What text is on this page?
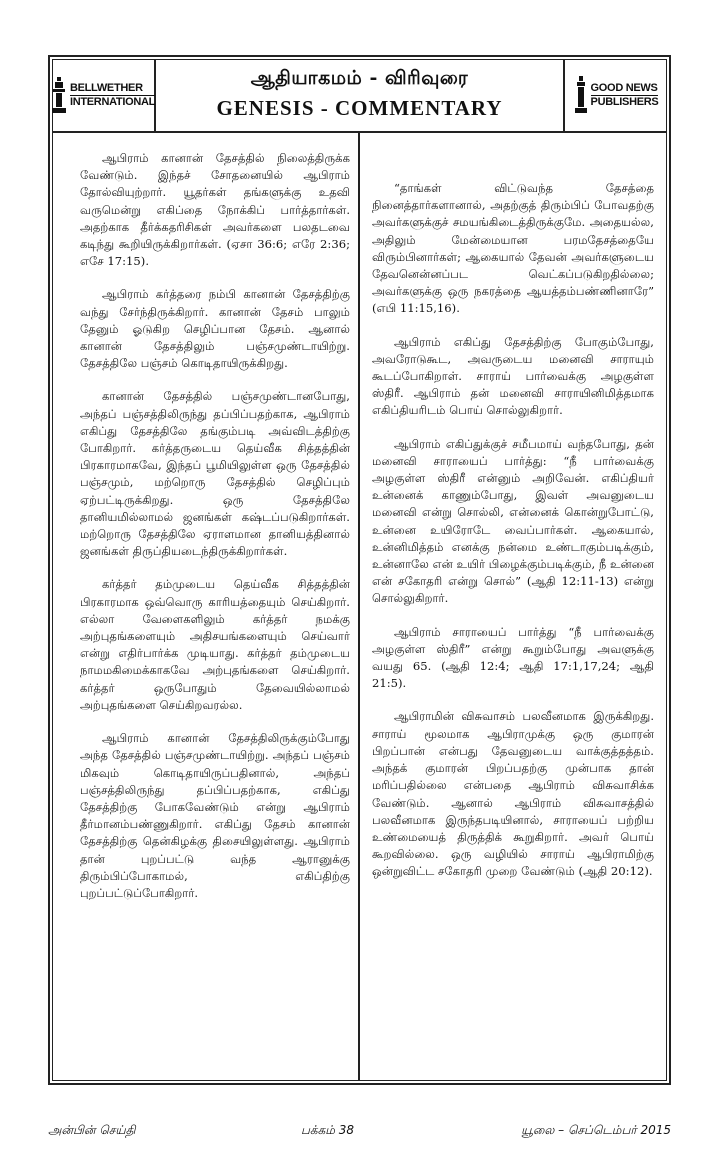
BELLWETHER
INTERNATIONAL
ஆதியாகமம் - விரிவுரை
GENESIS - COMMENTARY
GOOD NEWS
PUBLISHERS

ஆபிராம் கானான் தேசத்தில் நிலைத்திருக்க வேண்டும். இந்தச் சோதனையில் ஆபிராம் தோல்வியுற்றார். யூதர்கள் தங்களுக்கு உதவி வருமென்று எகிப்தை நோக்கிப் பார்த்தார்கள். அதற்காக தீர்க்கதரிசிகள் அவர்களை பலதடவை கடிந்து கூறியிருக்கிறார்கள். (ஏசா 36:6; எரே 2:36; எசே 17:15).

ஆபிராம் கர்த்தரை நம்பி கானான் தேசத்திற்கு வந்து சேர்ந்திருக்கிறார். கானான் தேசம் பாலும் தேனும் ஓடுகிற செழிப்பான தேசம். ஆனால் கானான் தேசத்திலும் பஞ்சமுண்டாயிற்று. தேசத்திலே பஞ்சம் கொடிதாயிருக்கிறது.

கானான் தேசத்தில் பஞ்சமுண்டானபோது, அந்தப் பஞ்சத்திலிருந்து தப்பிப்பதற்காக, ஆபிராம் எகிப்து தேசத்திலே தங்கும்படி அவ்விடத்திற்கு போகிறார். கர்த்தருடைய தெய்வீக சித்தத்தின் பிரகாரமாகவே, இந்தப் பூமியிலுள்ள ஒரு தேசத்தில் பஞ்சமும், மற்றொரு தேசத்தில் செழிப்பும் ஏற்பட்டிருக்கிறது. ஒரு தேசத்திலே தானியமில்லாமல் ஜனங்கள் கஷ்டப்படுகிறார்கள். மற்றொரு தேசத்திலே ஏராளமான தானியத்தினால் ஜனங்கள் திருப்தியடைந்திருக்கிறார்கள்.

கர்த்தர் தம்முடைய தெய்வீக சித்தத்தின் பிரகாரமாக ஒவ்வொரு காரியத்தையும் செய்கிறார். எல்லா வேளைகளிலும் கர்த்தர் நமக்கு அற்புதங்களையும் அதிசயங்களையும் செய்வார் என்று எதிர்பார்க்க முடியாது. கர்த்தர் தம்முடைய நாமமகிமைக்காகவே அற்புதங்களை செய்கிறார். கர்த்தர் ஒருபோதும் தேவையில்லாமல் அற்புதங்களை செய்கிறவரல்ல.

ஆபிராம் கானான் தேசத்திலிருக்கும்போது அந்த தேசத்தில் பஞ்சமுண்டாயிற்று. அந்தப் பஞ்சம் மிகவும் கொடிதாயிருப்பதினால், அந்தப் பஞ்சத்திலிருந்து தப்பிப்பதற்காக, எகிப்து தேசத்திற்கு போகவேண்டும் என்று ஆபிராம் தீர்மானம்பண்ணுகிறார். எகிப்து தேசம் கானான் தேசத்திற்கு தென்கிழக்கு திசையிலுள்ளது. ஆபிராம் தான் புறப்பட்டு வந்த ஆரானுக்கு திரும்பிப்போகாமல், எகிப்திற்கு புறப்பட்டுப்போகிறார்.

“தாங்கள் விட்டுவந்த தேசத்தை நினைத்தார்களானால், அதற்குத் திரும்பிப் போவதற்கு அவர்களுக்குச் சமயங்கிடைத்திருக்குமே. அதையல்ல, அதிலும் மேன்மையான பரமதேசத்தையே விரும்பினார்கள்; ஆகையால் தேவன் அவர்களுடைய தேவனென்னப்பட வெட்கப்படுகிறதில்லை; அவர்களுக்கு ஒரு நகரத்தை ஆயத்தம்பண்ணினாரே” (எபி 11:15,16).

ஆபிராம் எகிப்து தேசத்திற்கு போகும்போது, அவரோடுகூட, அவருடைய மனைவி சாராயும் கூடப்போகிறாள். சாராய் பார்வைக்கு அழகுள்ள ஸ்திரீ. ஆபிராம் தன் மனைவி சாராயினிமித்தமாக எகிப்தியரிடம் பொய் சொல்லுகிறார்.

ஆபிராம் எகிப்துக்குச் சமீபமாய் வந்தபோது, தன் மனைவி சாராயைப் பார்த்து: “நீ பார்வைக்கு அழகுள்ள ஸ்திரீ என்னும் அறிவேன். எகிப்தியர் உன்னைக் காணும்போது, இவள் அவனுடைய மனைவி என்று சொல்லி, என்னைக் கொன்றுபோட்டு, உன்னை உயிரோடே வைப்பார்கள். ஆகையால், உன்னிமித்தம் எனக்கு நன்மை உண்டாகும்படிக்கும், உன்னாலே என் உயிர் பிழைக்கும்படிக்கும், நீ உன்னை என் சகோதரி என்று சொல்” (ஆதி 12:11-13) என்று சொல்லுகிறார்.

ஆபிராம் சாராயைப் பார்த்து “நீ பார்வைக்கு அழகுள்ள ஸ்திரீ” என்று கூறும்போது அவளுக்கு வயது 65. (ஆதி 12:4; ஆதி 17:1,17,24; ஆதி 21:5).

ஆபிராமின் விசுவாசம் பலவீனமாக இருக்கிறது. சாராய் மூலமாக ஆபிராமுக்கு ஒரு குமாரன் பிறப்பான் என்பது தேவனுடைய வாக்குத்தத்தம். அந்தக் குமாரன் பிறப்பதற்கு முன்பாக தான் மரிப்பதில்லை என்பதை ஆபிராம் விசுவாசிக்க வேண்டும். ஆனால் ஆபிராம் விசுவாசத்தில் பலவீனமாக இருந்தபடியினால், சாராயைப் பற்றிய உண்மையைத் திருத்திக் கூறுகிறார். அவர் பொய் கூறவில்லை. ஒரு வழியில் சாராய் ஆபிராமிற்கு ஒன்றுவிட்ட சகோதரி முறை வேண்டும் (ஆதி 20:12).

அன்பின் செய்தி	பக்கம் 38	யூலை – செப்டெம்பர் 2015
